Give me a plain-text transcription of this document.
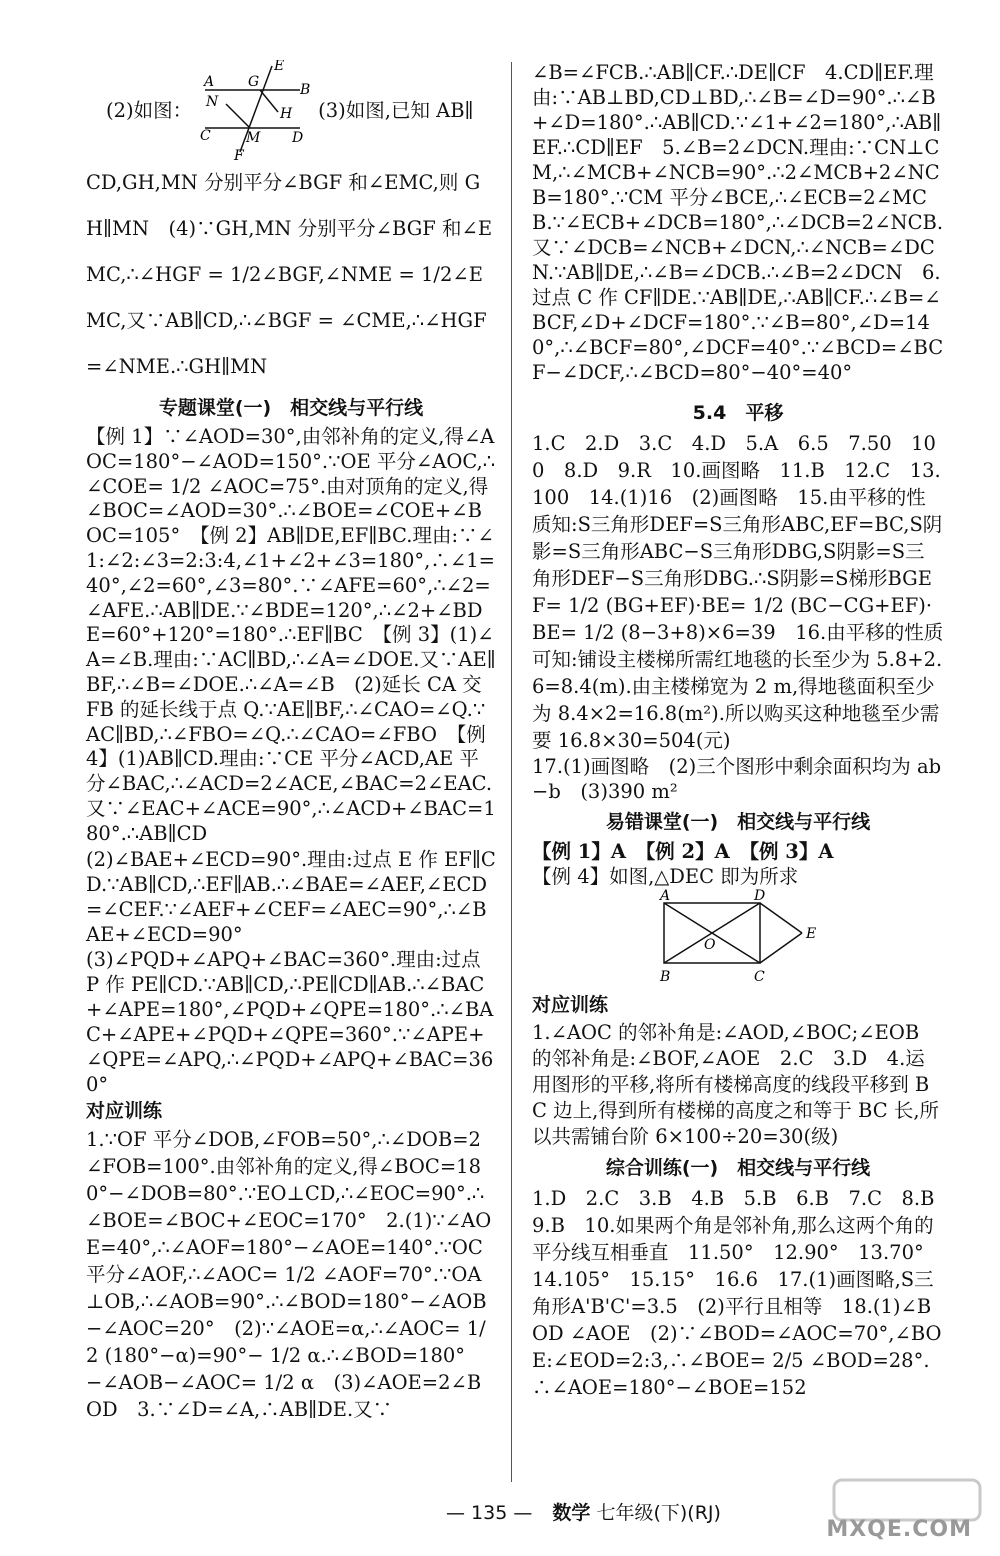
(2)如图：
E
A G	B
N
H
C	M D
F
(3)如图,已知 AB∥

CD,GH,MN 分别平分∠BGF 和∠EMC,则 GH∥MN　(4)∵GH,MN 分别平分∠BGF 和∠EMC,∴∠HGF = 1/2∠BGF,∠NME = 1/2∠EMC,又∵AB∥CD,∴∠BGF = ∠CME,∴∠HGF=∠NME.∴GH∥MN

专题课堂(一)　相交线与平行线

【例 1】∵∠AOD=30°,由邻补角的定义,得∠AOC=180°−∠AOD=150°.∵OE 平分∠AOC,∴∠COE= 1/2 ∠AOC=75°.由对顶角的定义,得∠BOC=∠AOD=30°.∴∠BOE=∠COE+∠BOC=105°　【例 2】AB∥DE,EF∥BC.理由:∵∠1:∠2:∠3=2:3:4,∠1+∠2+∠3=180°,∴∠1=40°,∠2=60°,∠3=80°.∵∠AFE=60°,∴∠2=∠AFE.∴AB∥DE.∵∠BDE=120°,∴∠2+∠BDE=60°+120°=180°.∴EF∥BC　【例 3】(1)∠A=∠B.理由:∵AC∥BD,∴∠A=∠DOE.又∵AE∥BF,∴∠B=∠DOE.∴∠A=∠B　(2)延长 CA 交 FB 的延长线于点 Q.∵AE∥BF,∴∠CAO=∠Q.∵AC∥BD,∴∠FBO=∠Q.∴∠CAO=∠FBO　【例 4】(1)AB∥CD.理由:∵CE 平分∠ACD,AE 平分∠BAC,∴∠ACD=2∠ACE,∠BAC=2∠EAC.又∵∠EAC+∠ACE=90°,∴∠ACD+∠BAC=180°.∴AB∥CD

(2)∠BAE+∠ECD=90°.理由:过点 E 作 EF∥CD.∵AB∥CD,∴EF∥AB.∴∠BAE=∠AEF,∠ECD=∠CEF.∵∠AEF+∠CEF=∠AEC=90°,∴∠BAE+∠ECD=90°

(3)∠PQD+∠APQ+∠BAC=360°.理由:过点 P 作 PE∥CD.∵AB∥CD,∴PE∥CD∥AB.∴∠BAC+∠APE=180°,∠PQD+∠QPE=180°.∴∠BAC+∠APE+∠PQD+∠QPE=360°.∵∠APE+∠QPE=∠APQ,∴∠PQD+∠APQ+∠BAC=360°

对应训练

1.∵OF 平分∠DOB,∠FOB=50°,∴∠DOB=2∠FOB=100°.由邻补角的定义,得∠BOC=180°−∠DOB=80°.∵EO⊥CD,∴∠EOC=90°.∴∠BOE=∠BOC+∠EOC=170°　2.(1)∵∠AOE=40°,∴∠AOF=180°−∠AOE=140°.∵OC 平分∠AOF,∴∠AOC= 1/2 ∠AOF=70°.∵OA⊥OB,∴∠AOB=90°.∴∠BOD=180°−∠AOB−∠AOC=20°　(2)∵∠AOE=α,∴∠AOC= 1/2 (180°−α)=90°− 1/2 α.∴∠BOD=180°−∠AOB−∠AOC= 1/2 α　(3)∠AOE=2∠BOD　3.∵∠D=∠A,∴AB∥DE.又∵

∠B=∠FCB.∴AB∥CF.∴DE∥CF　4.CD∥EF.理由:∵AB⊥BD,CD⊥BD,∴∠B=∠D=90°.∴∠B+∠D=180°.∴AB∥CD.∵∠1+∠2=180°,∴AB∥EF.∴CD∥EF　5.∠B=2∠DCN.理由:∵CN⊥CM,∴∠MCB+∠NCB=90°.∴2∠MCB+2∠NCB=180°.∵CM 平分∠BCE,∴∠ECB=2∠MCB.∵∠ECB+∠DCB=180°,∴∠DCB=2∠NCB.又∵∠DCB=∠NCB+∠DCN,∴∠NCB=∠DCN.∵AB∥DE,∴∠B=∠DCB.∴∠B=2∠DCN　6.过点 C 作 CF∥DE.∵AB∥DE,∴AB∥CF.∴∠B=∠BCF,∠D+∠DCF=180°.∵∠B=80°,∠D=140°,∴∠BCF=80°,∠DCF=40°.∵∠BCD=∠BCF−∠DCF,∴∠BCD=80°−40°=40°

5.4　平移

1.C　2.D　3.C　4.D　5.A　6.5　7.50　100　8.D　9.R　10.画图略　11.B　12.C　13.100　14.(1)16　(2)画图略　15.由平移的性质知:S三角形DEF=S三角形ABC,EF=BC,S阴影=S三角形ABC−S三角形DBG,S阴影=S三角形DEF−S三角形DBG.∴S阴影=S梯形BGEF= 1/2 (BG+EF)·BE= 1/2 (BC−CG+EF)·BE= 1/2 (8−3+8)×6=39　16.由平移的性质可知:铺设主楼梯所需红地毯的长至少为 5.8+2.6=8.4(m).由主楼梯宽为 2 m,得地毯面积至少为 8.4×2=16.8(m²).所以购买这种地毯至少需要 16.8×30=504(元)

17.(1)画图略　(2)三个图形中剩余面积均为 ab−b　(3)390 m²

易错课堂(一)　相交线与平行线

【例 1】A　【例 2】A　【例 3】A

【例 4】如图,△DEC 即为所求

A	D
E
O
B	C
对应训练

1.∠AOC 的邻补角是:∠AOD,∠BOC;∠EOB 的邻补角是:∠BOF,∠AOE　2.C　3.D　4.运用图形的平移,将所有楼梯高度的线段平移到 BC 边上,得到所有楼梯的高度之和等于 BC 长,所以共需铺台阶 6×100÷20=30(级)

综合训练(一)　相交线与平行线

1.D　2.C　3.B　4.B　5.B　6.B　7.C　8.B　9.B　10.如果两个角是邻补角,那么这两个角的平分线互相垂直　11.50°　12.90°　13.70°　14.105°　15.15°　16.6　17.(1)画图略,S三角形A'B'C'=3.5　(2)平行且相等　18.(1)∠BOD ∠AOE　(2)∵∠BOD=∠AOC=70°,∠BOE:∠EOD=2:3,∴∠BOE= 2/5 ∠BOD=28°.∴∠AOE=180°−∠BOE=152

— 135 — 数学 七年级(下)(RJ)
MXQE.COM
